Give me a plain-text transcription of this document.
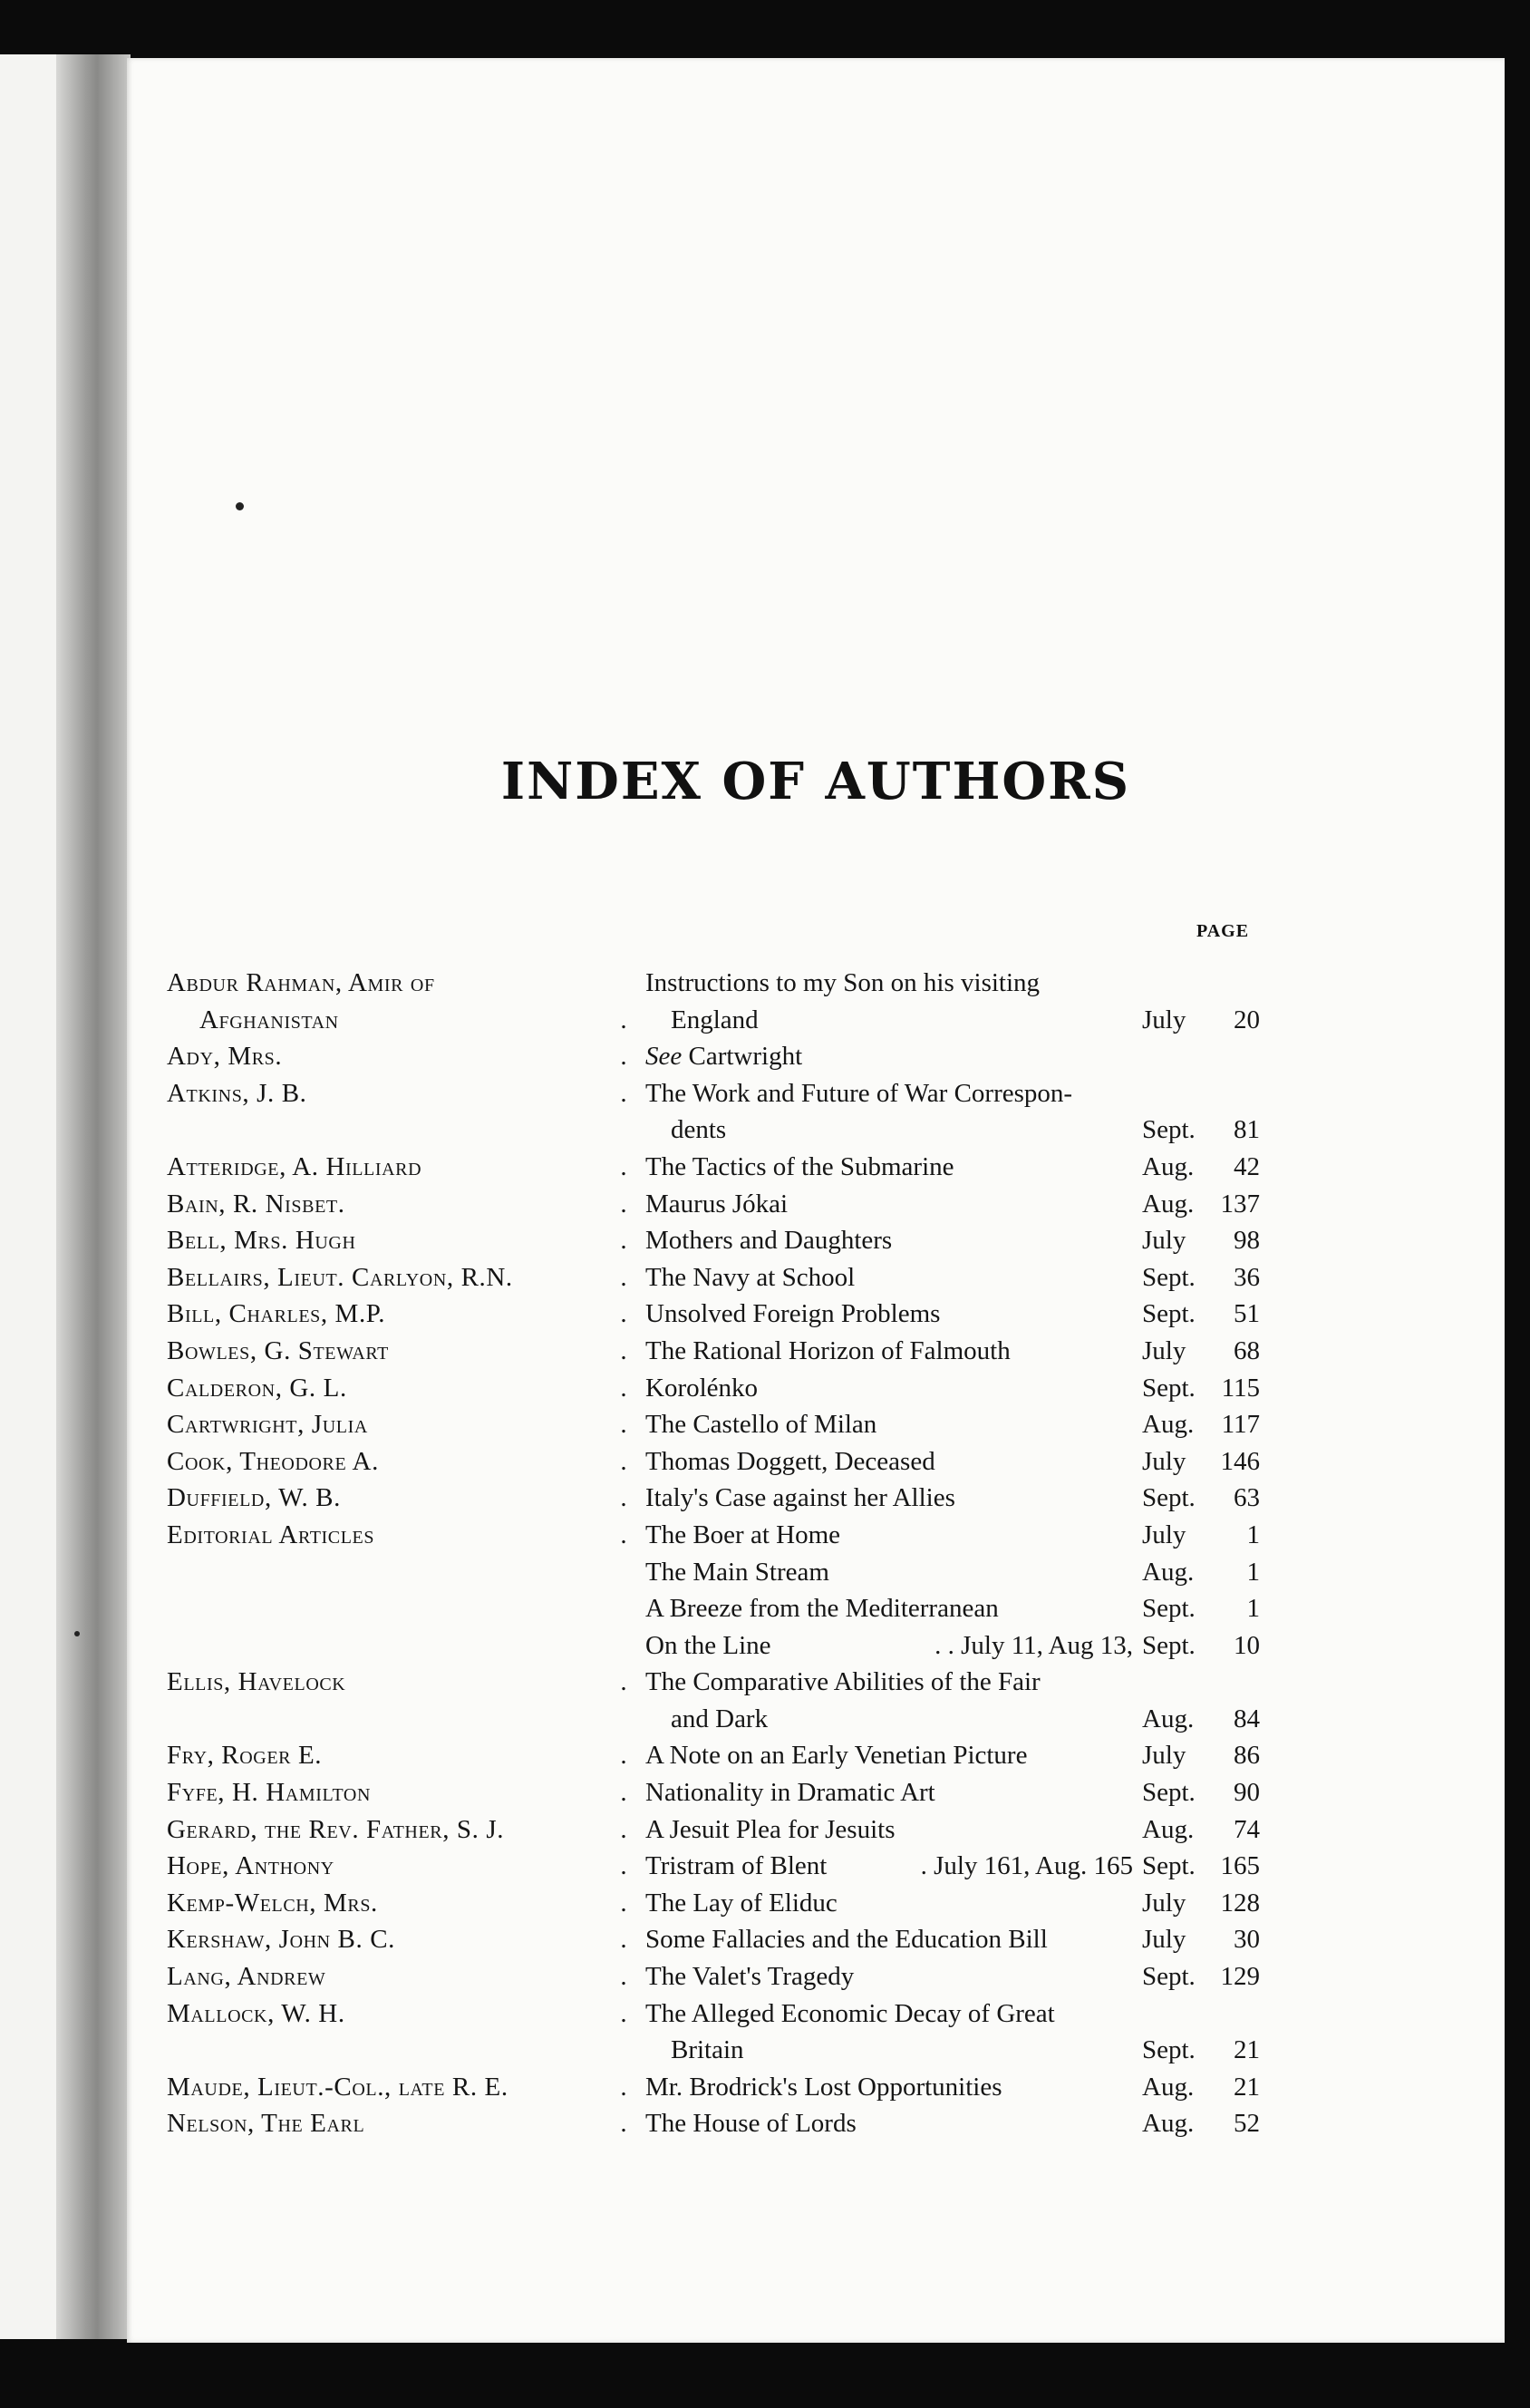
INDEX OF AUTHORS
PAGE
Abdur Rahman, Amir of	Instructions to my Son on his visiting
Afghanistan	. England	July	20
Ady, Mrs.	. See Cartwright
Atkins, J. B.	. The Work and Future of War Correspon-
dents	Sept.	81
Atteridge, A. Hilliard	. The Tactics of the Submarine	Aug.	42
Bain, R. Nisbet.	. Maurus Jókai	Aug.	137
Bell, Mrs. Hugh	. Mothers and Daughters	July	98
Bellairs, Lieut. Carlyon, R.N.	. The Navy at School	Sept.	36
Bill, Charles, M.P.	. Unsolved Foreign Problems	Sept.	51
Bowles, G. Stewart	. The Rational Horizon of Falmouth	July	68
Calderon, G. L.	. Korolénko	Sept. 115
Cartwright, Julia	. The Castello of Milan	Aug.	117
Cook, Theodore A.	. Thomas Doggett, Deceased	July	146
Duffield, W. B.	. Italy's Case against her Allies	Sept.	63
Editorial Articles	. The Boer at Home	July	1
The Main Stream	Aug.	1
A Breeze from the Mediterranean	Sept.	1
On the Line	. . July 11, Aug 13, Sept.	10
Ellis, Havelock	. The Comparative Abilities of the Fair
and Dark	Aug.	84
Fry, Roger E.	. A Note on an Early Venetian Picture	July	86
Fyfe, H. Hamilton	. Nationality in Dramatic Art	Sept.	90
Gerard, the Rev. Father, S. J.	. A Jesuit Plea for Jesuits	Aug.	74
Hope, Anthony	. Tristram of Blent	. July 161, Aug. 165 Sept. 165
Kemp-Welch, Mrs.	. The Lay of Eliduc	July	128
Kershaw, John B. C.	. Some Fallacies and the Education Bill	July	30
Lang, Andrew	. The Valet's Tragedy	Sept. 129
Mallock, W. H.	. The Alleged Economic Decay of Great
Britain	Sept.	21
Maude, Lieut.-Col., late R. E.	. Mr. Brodrick's Lost Opportunities	Aug.	21
Nelson, The Earl	. The House of Lords	Aug.	52
